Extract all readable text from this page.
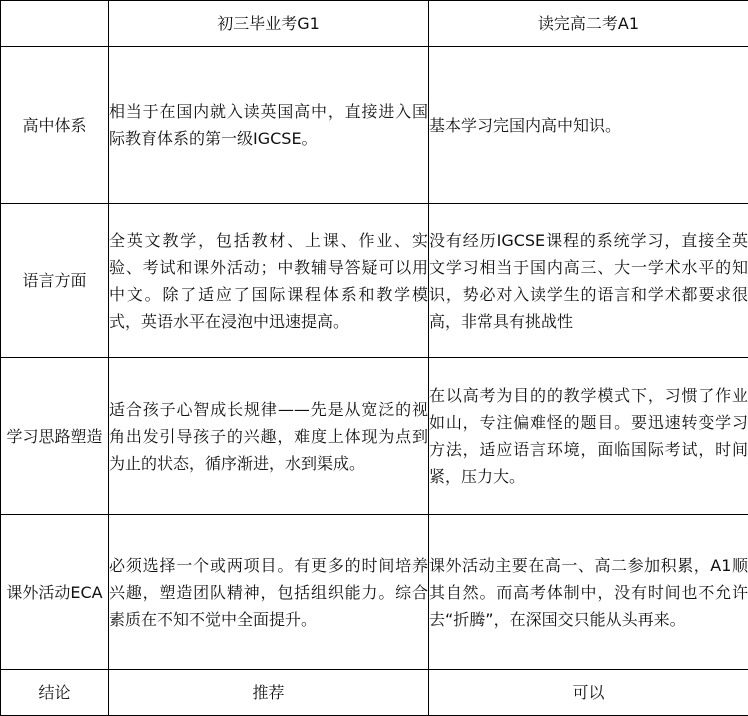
	初三毕业考G1	读完高二考A1
高中体系	相当于在国内就入读英国高中，直接进入国际教育体系的第一级IGCSE。	基本学习完国内高中知识。
语言方面	全英文教学，包括教材、上课、作业、实验、考试和课外活动；中教辅导答疑可以用中文。除了适应了国际课程体系和教学模式，英语水平在浸泡中迅速提高。	没有经历IGCSE课程的系统学习，直接全英文学习相当于国内高三、大一学术水平的知识，势必对入读学生的语言和学术都要求很高，非常具有挑战性
学习思路塑造	适合孩子心智成长规律——先是从宽泛的视角出发引导孩子的兴趣，难度上体现为点到为止的状态，循序渐进，水到渠成。	在以高考为目的的教学模式下，习惯了作业如山，专注偏难怪的题目。要迅速转变学习方法，适应语言环境，面临国际考试，时间紧，压力大。
课外活动ECA	必须选择一个或两项目。有更多的时间培养兴趣，塑造团队精神，包括组织能力。综合素质在不知不觉中全面提升。	课外活动主要在高一、高二参加积累，A1顺其自然。而高考体制中，没有时间也不允许去“折腾”，在深国交只能从头再来。
结论	推荐	可以
